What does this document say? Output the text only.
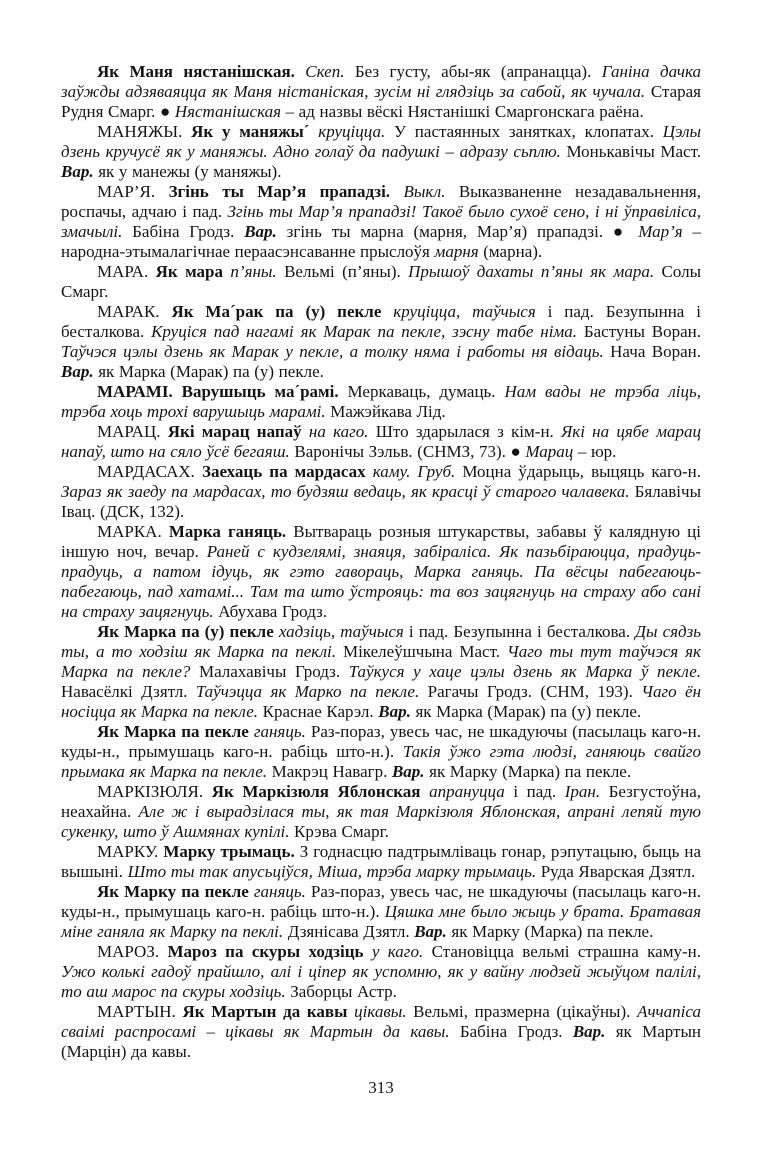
Як Маня нястанішская. Скеп. Без густу, абы-як (апранацца). Ганіна дачка заўжды адзяваяцца як Маня ністаніская, зусім ні глядзіць за сабой, як чучала. Старая Рудня Смарг. ● Нястанішская – ад назвы вёскі Нястанішкі Смаргонскага раёна.

МАНЯЖЫ. Як у маняжы´ круціцца. У пастаянных занятках, клопатах. Цэлы дзень кручусё як у маняжы. Адно голаў да падушкі – адразу сьплю. Монькавічы Маст. Вар. як у манежы (у маняжы).

МАР’Я. Згінь ты Мар’я прападзі. Выкл. Выказваненне незадавальнення, роспачы, адчаю і пад. Згінь ты Мар’я прападзі! Такоё было сухоё сено, і ні ўправіліса, змачылі. Бабіна Гродз. Вар. згінь ты марна (марня, Мар’я) прападзі. ● Мар’я – народна-этымалагічнае пераасэнсаванне прыслоўя марня (марна).

МАРА. Як мара п’яны. Вельмі (п’яны). Прышоў дахаты п’яны як мара. Солы Смарг.

МАРАК. Як Ма´рак па (у) пекле круціцца, таўчыся і пад. Безупынна і бесталкова. Круціся пад нагамі як Марак па пекле, зэсну табе німа. Бастуны Воран. Таўчэся цэлы дзень як Марак у пекле, а толку няма і работы ня відаць. Нача Воран. Вар. як Марка (Марак) па (у) пекле.

МАРАМІ. Варушыць ма´рамі. Меркаваць, думаць. Нам вады не трэба ліць, трэба хоць трохі варушыць марамі. Мажэйкава Лід.

МАРАЦ. Які марац напаў на каго. Што здарылася з кім-н. Які на цябе марац напаў, што на сяло ўсё бегаяш. Варонічы Зэльв. (СНМЗ, 73). ● Марац – юр.

МАРДАСАХ. Заехаць па мардасах каму. Груб. Моцна ўдарыць, выцяць каго-н. Зараз як заеду па мардасах, то будзяш ведаць, як красці ў старого чалавека. Бялавічы Івац. (ДСК, 132).

МАРКА. Марка ганяць. Вытвараць розныя штукарствы, забавы ў калядную ці іншую ноч, вечар. Раней с кудзелямі, знаяця, забіраліса. Як пазьбіраюцца, прадуць-прадуць, а патом ідуць, як гэто гавораць, Марка ганяць. Па вёсцы пабегаюць-пабегаюць, пад хатамі... Там та што ўстрояць: та воз зацягнуць на страху або сані на страху зацягнуць. Абухава Гродз.

Як Марка па (у) пекле хадзіць, таўчыся і пад. Безупынна і бесталкова. Ды сядзь ты, а то ходзіш як Марка па пеклі. Мікелеўшчына Маст. Чаго ты тут таўчэся як Марка па пекле? Малахавічы Гродз. Таўкуся у хаце цэлы дзень як Марка ў пекле. Навасёлкі Дзятл. Таўчэцца як Марко па пекле. Рагачы Гродз. (СНМ, 193). Чаго ён носіцца як Марка па пекле. Краснае Карэл. Вар. як Марка (Марак) па (у) пекле.

Як Марка па пекле ганяць. Раз-пораз, увесь час, не шкадуючы (пасылаць каго-н. куды-н., прымушаць каго-н. рабіць што-н.). Такія ўжо гэта людзі, ганяюць свайго прымака як Марка па пекле. Макрэц Навагр. Вар. як Марку (Марка) па пекле.

МАРКІЗЮЛЯ. Як Маркізюля Яблонская апрануцца і пад. Іран. Безгустоўна, неахайна. Але ж і вырадзілася ты, як тая Маркізюля Яблонская, апрані лепяй тую сукенку, што ў Ашмянах купілі. Крэва Смарг.

МАРКУ. Марку трымаць. З годнасцю падтрымліваць гонар, рэпутацыю, быць на вышыні. Што ты так апусьціўся, Міша, трэба марку трымаць. Руда Яварская Дзятл.

Як Марку па пекле ганяць. Раз-пораз, увесь час, не шкадуючы (пасылаць каго-н. куды-н., прымушаць каго-н. рабіць што-н.). Цяшка мне было жыць у брата. Братавая міне ганяла як Марку па пеклі. Дзянісава Дзятл. Вар. як Марку (Марка) па пекле.

МАРОЗ. Мароз па скуры ходзіць у каго. Становіцца вельмі страшна каму-н. Ужо колькі гадоў прайшло, алі і ціпер як успомню, як у вайну людзей жыўцом палілі, то аш марос па скуры ходзіць. Заборцы Астр.

МАРТЫН. Як Мартын да кавы цікавы. Вельмі, празмерна (цікаўны). Аччапіса сваімі распросамі – цікавы як Мартын да кавы. Бабіна Гродз. Вар. як Мартын (Марцін) да кавы.

313
